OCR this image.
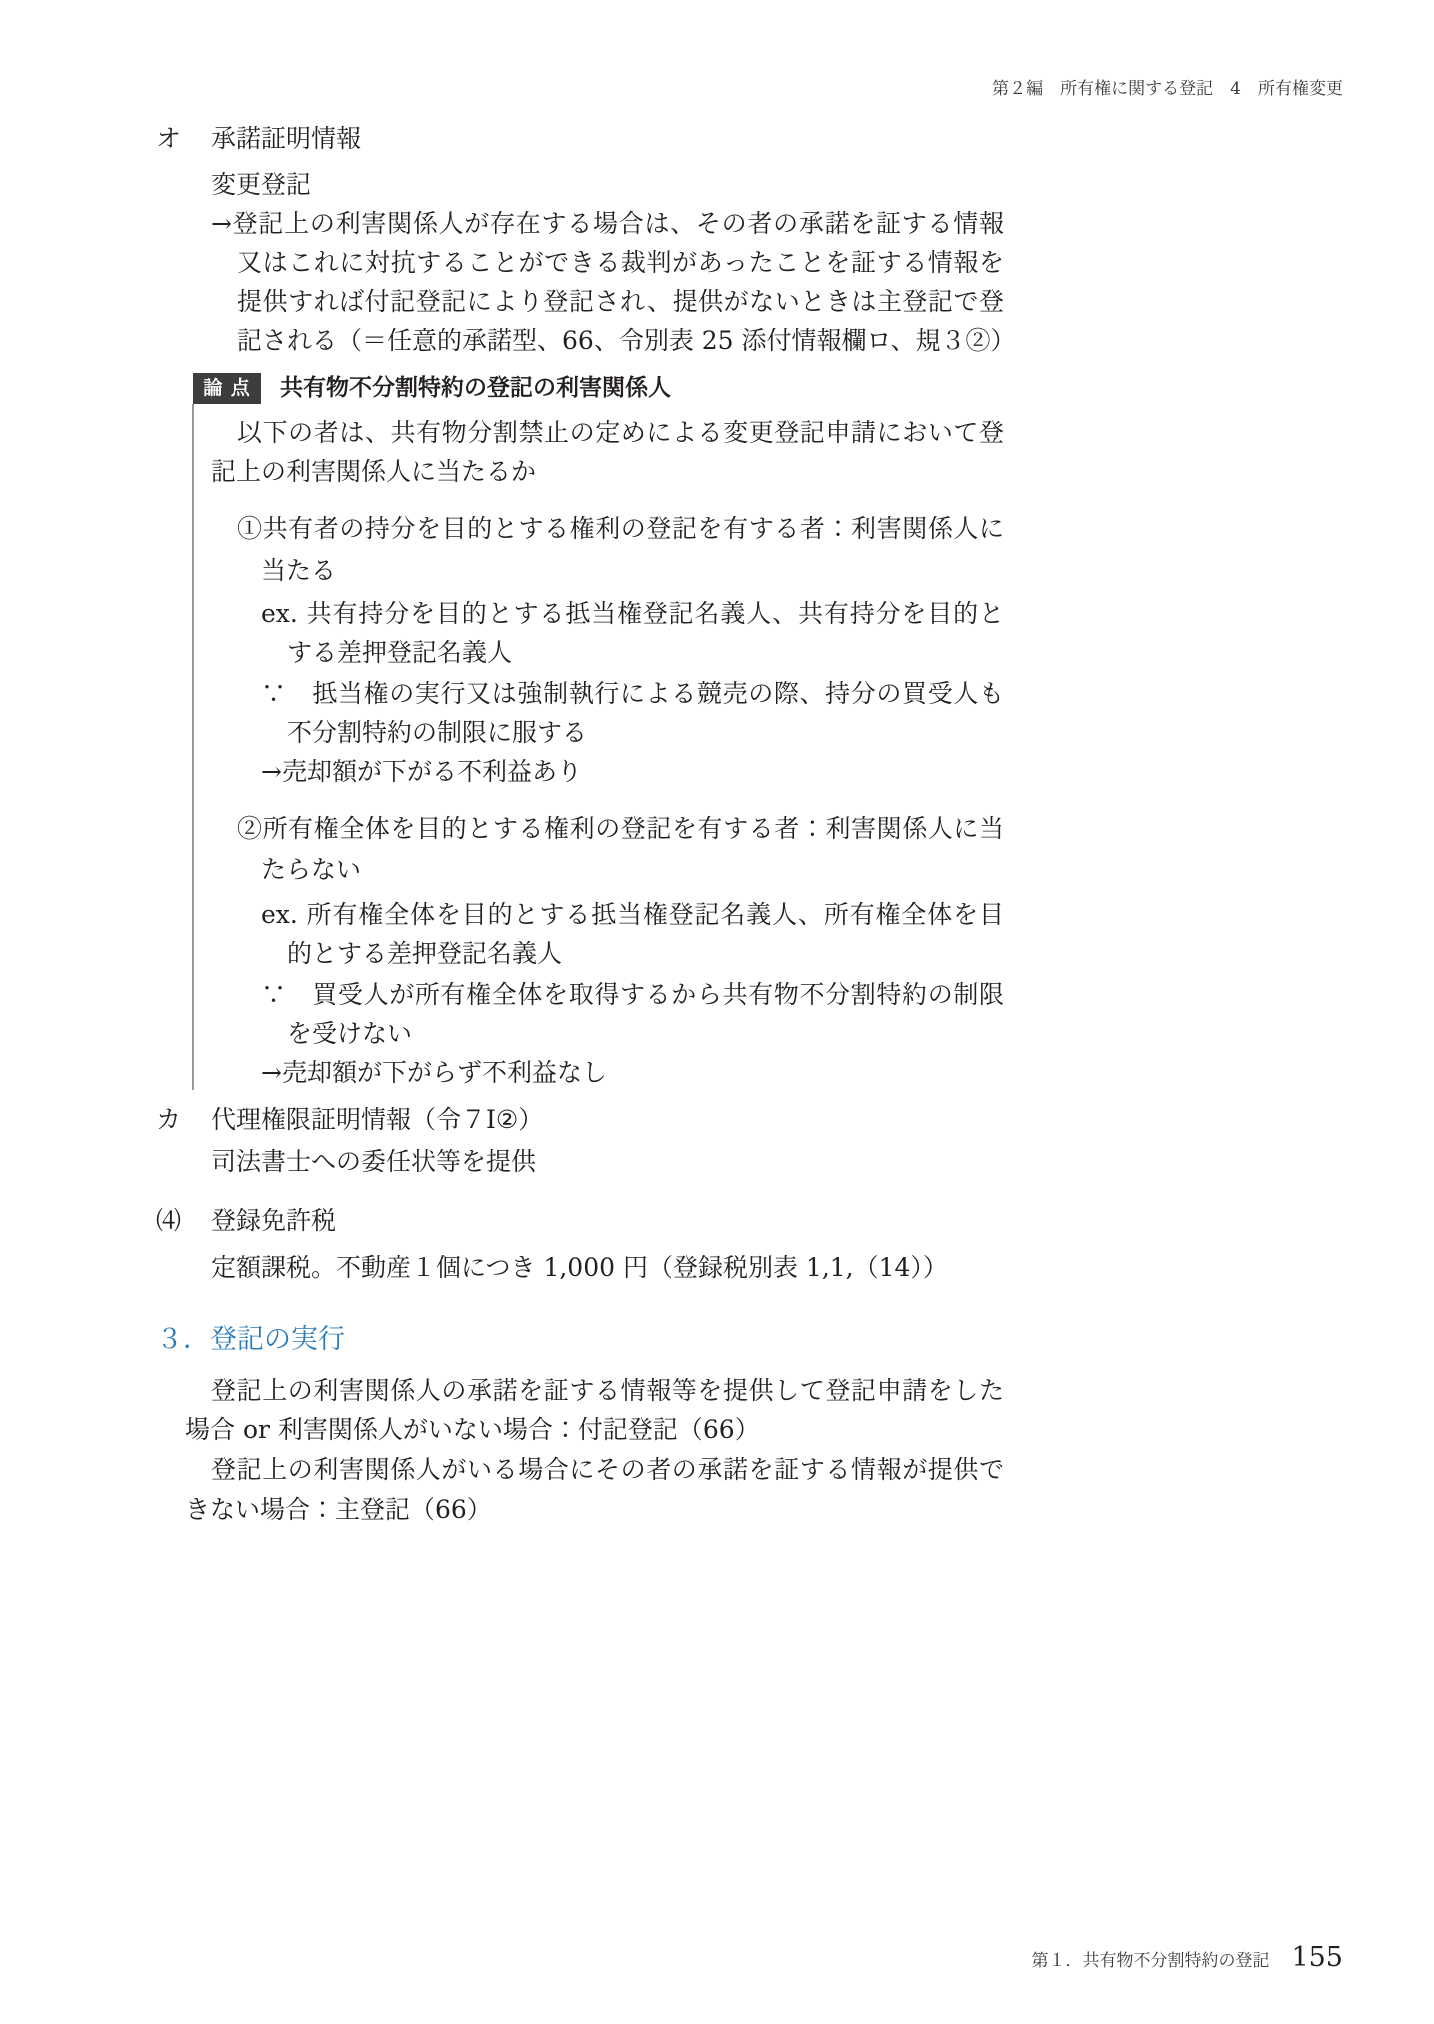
第２編　所有権に関する登記　4　所有権変更
オ 承諾証明情報
変更登記
→登記上の利害関係人が存在する場合は、その者の承諾を証する情報
又はこれに対抗することができる裁判があったことを証する情報を
提供すれば付記登記により登記され、提供がないときは主登記で登
記される（＝任意的承諾型、66、令別表 25 添付情報欄ロ、規３②）
論 点	共有物不分割特約の登記の利害関係人
以下の者は、共有物分割禁止の定めによる変更登記申請において登
記上の利害関係人に当たるか
①共有者の持分を目的とする権利の登記を有する者：利害関係人に
当たる
ex. 共有持分を目的とする抵当権登記名義人、共有持分を目的と
する差押登記名義人
∵　抵当権の実行又は強制執行による競売の際、持分の買受人も
不分割特約の制限に服する
→売却額が下がる不利益あり
②所有権全体を目的とする権利の登記を有する者：利害関係人に当
たらない
ex. 所有権全体を目的とする抵当権登記名義人、所有権全体を目
的とする差押登記名義人
∵　買受人が所有権全体を取得するから共有物不分割特約の制限
を受けない
→売却額が下がらず不利益なし
カ 代理権限証明情報（令７Ⅰ②）
司法書士への委任状等を提供
⑷ 登録免許税
定額課税。不動産１個につき 1,000 円（登録税別表 1,1,（14））
３．登記の実行
登記上の利害関係人の承諾を証する情報等を提供して登記申請をした
場合 or 利害関係人がいない場合：付記登記（66）
登記上の利害関係人がいる場合にその者の承諾を証する情報が提供で
きない場合：主登記（66）
第１．共有物不分割特約の登記 155
